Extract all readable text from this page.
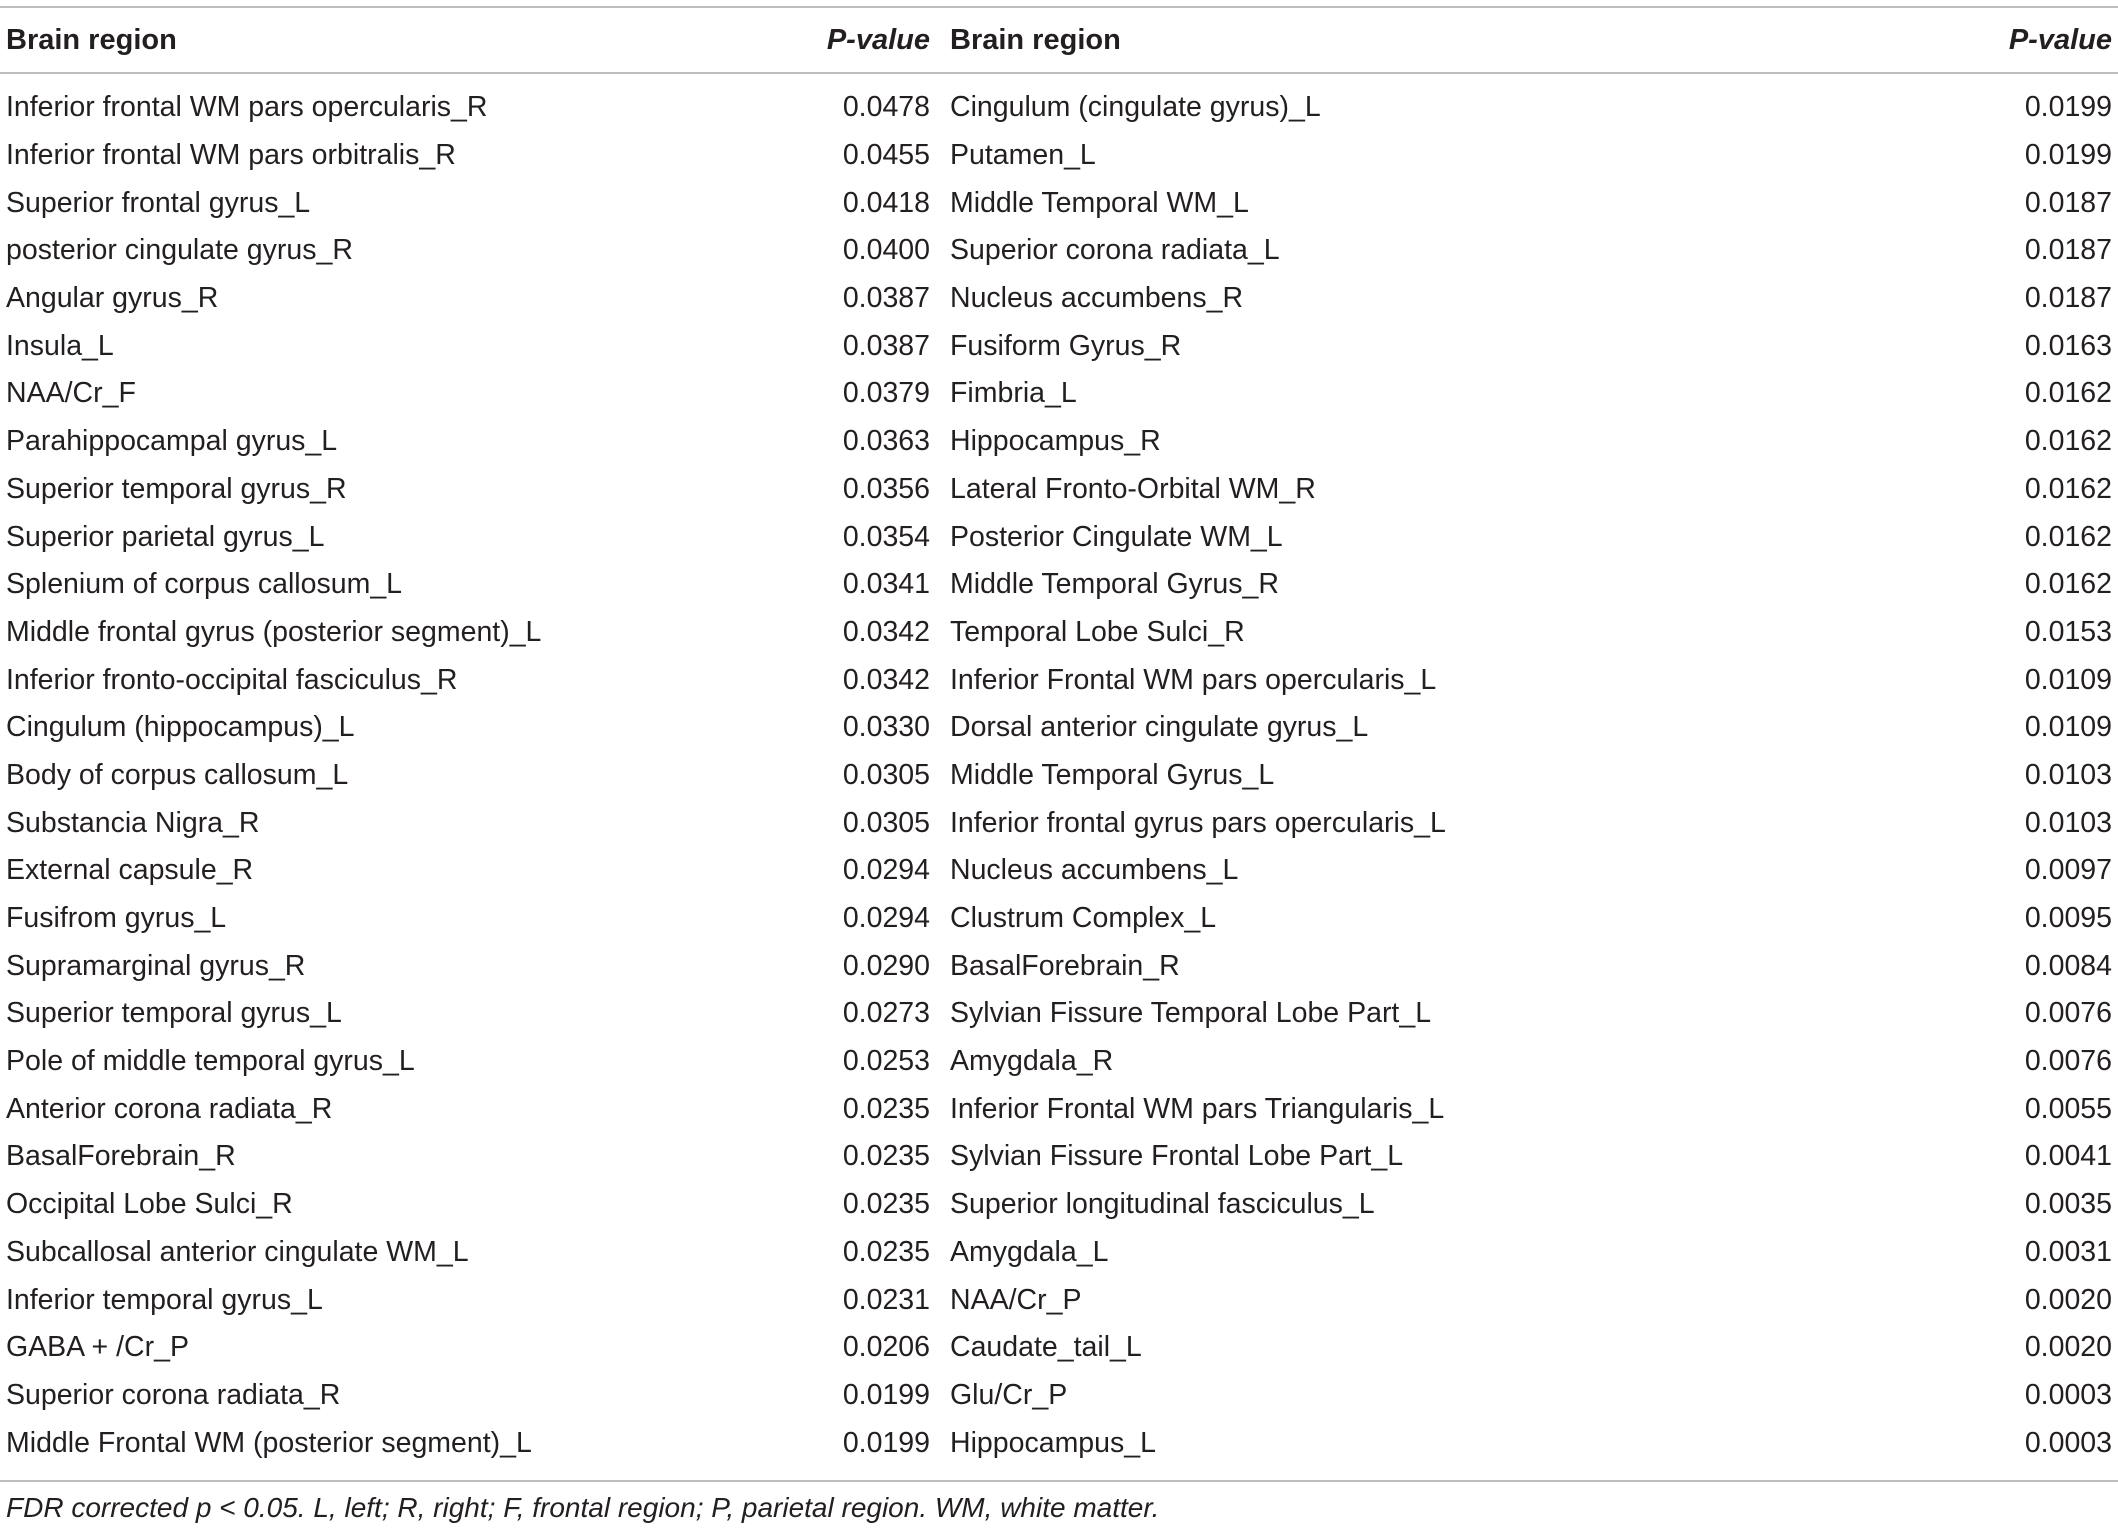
Brain region	P-value	Brain region	P-value
Inferior frontal WM pars opercularis_R	0.0478	Cingulum (cingulate gyrus)_L	0.0199
Inferior frontal WM pars orbitralis_R	0.0455	Putamen_L	0.0199
Superior frontal gyrus_L	0.0418	Middle Temporal WM_L	0.0187
posterior cingulate gyrus_R	0.0400	Superior corona radiata_L	0.0187
Angular gyrus_R	0.0387	Nucleus accumbens_R	0.0187
Insula_L	0.0387	Fusiform Gyrus_R	0.0163
NAA/Cr_F	0.0379	Fimbria_L	0.0162
Parahippocampal gyrus_L	0.0363	Hippocampus_R	0.0162
Superior temporal gyrus_R	0.0356	Lateral Fronto-Orbital WM_R	0.0162
Superior parietal gyrus_L	0.0354	Posterior Cingulate WM_L	0.0162
Splenium of corpus callosum_L	0.0341	Middle Temporal Gyrus_R	0.0162
Middle frontal gyrus (posterior segment)_L	0.0342	Temporal Lobe Sulci_R	0.0153
Inferior fronto-occipital fasciculus_R	0.0342	Inferior Frontal WM pars opercularis_L	0.0109
Cingulum (hippocampus)_L	0.0330	Dorsal anterior cingulate gyrus_L	0.0109
Body of corpus callosum_L	0.0305	Middle Temporal Gyrus_L	0.0103
Substancia Nigra_R	0.0305	Inferior frontal gyrus pars opercularis_L	0.0103
External capsule_R	0.0294	Nucleus accumbens_L	0.0097
Fusifrom gyrus_L	0.0294	Clustrum Complex_L	0.0095
Supramarginal gyrus_R	0.0290	BasalForebrain_R	0.0084
Superior temporal gyrus_L	0.0273	Sylvian Fissure Temporal Lobe Part_L	0.0076
Pole of middle temporal gyrus_L	0.0253	Amygdala_R	0.0076
Anterior corona radiata_R	0.0235	Inferior Frontal WM pars Triangularis_L	0.0055
BasalForebrain_R	0.0235	Sylvian Fissure Frontal Lobe Part_L	0.0041
Occipital Lobe Sulci_R	0.0235	Superior longitudinal fasciculus_L	0.0035
Subcallosal anterior cingulate WM_L	0.0235	Amygdala_L	0.0031
Inferior temporal gyrus_L	0.0231	NAA/Cr_P	0.0020
GABA + /Cr_P	0.0206	Caudate_tail_L	0.0020
Superior corona radiata_R	0.0199	Glu/Cr_P	0.0003
Middle Frontal WM (posterior segment)_L	0.0199	Hippocampus_L	0.0003
FDR corrected p < 0.05. L, left; R, right; F, frontal region; P, parietal region. WM, white matter.
